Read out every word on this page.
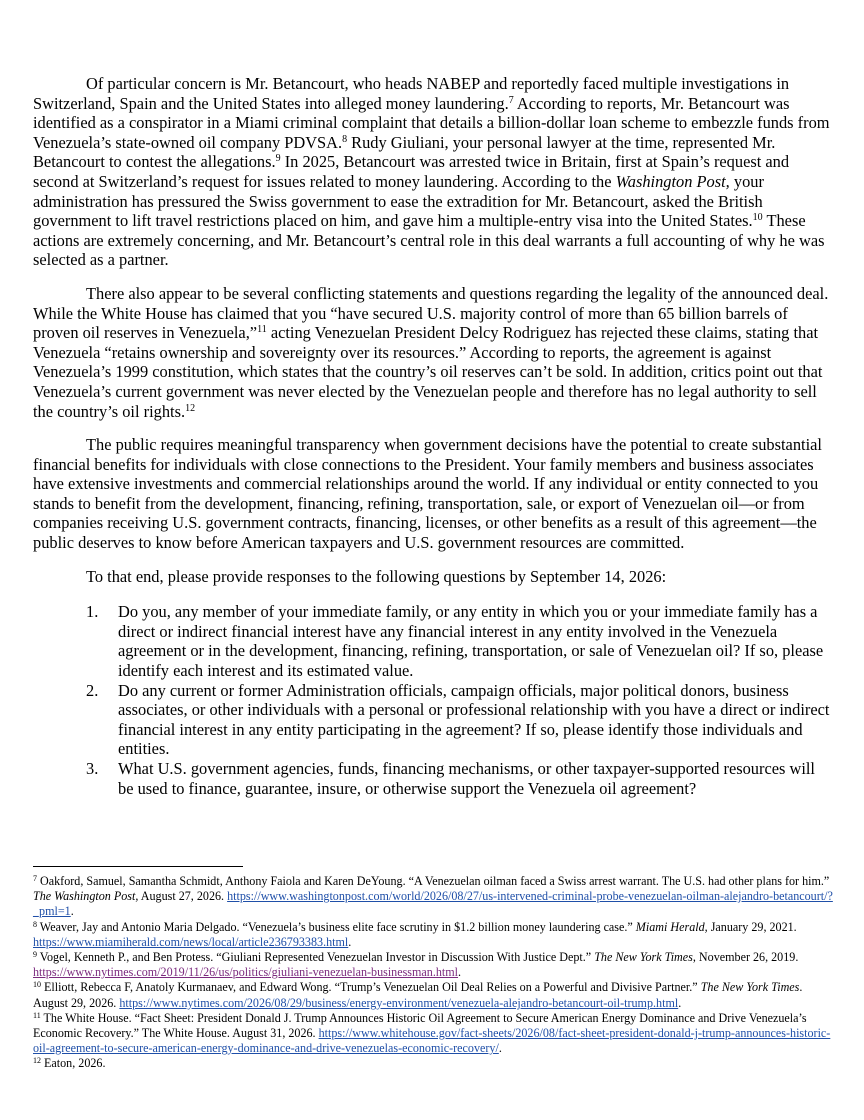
Of particular concern is Mr. Betancourt, who heads NABEP and reportedly faced multiple investigations in Switzerland, Spain and the United States into alleged money laundering.$^7$ According to reports, Mr. Betancourt was identified as a conspirator in a Miami criminal complaint that details a billion-dollar loan scheme to embezzle funds from Venezuela’s state-owned oil company PDVSA.$^8$ Rudy Giuliani, your personal lawyer at the time, represented Mr. Betancourt to contest the allegations.$^9$ In 2025, Betancourt was arrested twice in Britain, first at Spain’s request and second at Switzerland’s request for issues related to money laundering. According to the Washington Post, your administration has pressured the Swiss government to ease the extradition for Mr. Betancourt, asked the British government to lift travel restrictions placed on him, and gave him a multiple-entry visa into the United States.$^{10}$ These actions are extremely concerning, and Mr. Betancourt’s central role in this deal warrants a full accounting of why he was selected as a partner.

There also appear to be several conflicting statements and questions regarding the legality of the announced deal. While the White House has claimed that you “have secured U.S. majority control of more than 65 billion barrels of proven oil reserves in Venezuela,”$^{11}$ acting Venezuelan President Delcy Rodriguez has rejected these claims, stating that Venezuela “retains ownership and sovereignty over its resources.” According to reports, the agreement is against Venezuela’s 1999 constitution, which states that the country’s oil reserves can’t be sold. In addition, critics point out that Venezuela’s current government was never elected by the Venezuelan people and therefore has no legal authority to sell the country’s oil rights.$^{12}$

The public requires meaningful transparency when government decisions have the potential to create substantial financial benefits for individuals with close connections to the President. Your family members and business associates have extensive investments and commercial relationships around the world. If any individual or entity connected to you stands to benefit from the development, financing, refining, transportation, sale, or export of Venezuelan oil—or from companies receiving U.S. government contracts, financing, licenses, or other benefits as a result of this agreement—the public deserves to know before American taxpayers and U.S. government resources are committed.

To that end, please provide responses to the following questions by September 14, 2026:

1. Do you, any member of your immediate family, or any entity in which you or your immediate family has a direct or indirect financial interest have any financial interest in any entity involved in the Venezuela agreement or in the development, financing, refining, transportation, or sale of Venezuelan oil? If so, please identify each interest and its estimated value.
2. Do any current or former Administration officials, campaign officials, major political donors, business associates, or other individuals with a personal or professional relationship with you have a direct or indirect financial interest in any entity participating in the agreement? If so, please identify those individuals and entities.
3. What U.S. government agencies, funds, financing mechanisms, or other taxpayer-supported resources will be used to finance, guarantee, insure, or otherwise support the Venezuela oil agreement?

$^7$ Oakford, Samuel, Samantha Schmidt, Anthony Faiola and Karen DeYoung. “A Venezuelan oilman faced a Swiss arrest warrant. The U.S. had other plans for him.” The Washington Post, August 27, 2026. https://www.washingtonpost.com/world/2026/08/27/us-intervened-criminal-probe-venezuelan-oilman-alejandro-betancourt/?_pml=1.

$^8$ Weaver, Jay and Antonio Maria Delgado. “Venezuela’s business elite face scrutiny in $1.2 billion money laundering case.” Miami Herald, January 29, 2021. https://www.miamiherald.com/news/local/article236793383.html.

$^9$ Vogel, Kenneth P., and Ben Protess. “Giuliani Represented Venezuelan Investor in Discussion With Justice Dept.” The New York Times, November 26, 2019. https://www.nytimes.com/2019/11/26/us/politics/giuliani-venezuelan-businessman.html.

$^{10}$ Elliott, Rebecca F, Anatoly Kurmanaev, and Edward Wong. “Trump’s Venezuelan Oil Deal Relies on a Powerful and Divisive Partner.” The New York Times. August 29, 2026. https://www.nytimes.com/2026/08/29/business/energy-environment/venezuela-alejandro-betancourt-oil-trump.html.

$^{11}$ The White House. “Fact Sheet: President Donald J. Trump Announces Historic Oil Agreement to Secure American Energy Dominance and Drive Venezuela’s Economic Recovery.” The White House. August 31, 2026. https://www.whitehouse.gov/fact-sheets/2026/08/fact-sheet-president-donald-j-trump-announces-historic-oil-agreement-to-secure-american-energy-dominance-and-drive-venezuelas-economic-recovery/.

$^{12}$ Eaton, 2026.
